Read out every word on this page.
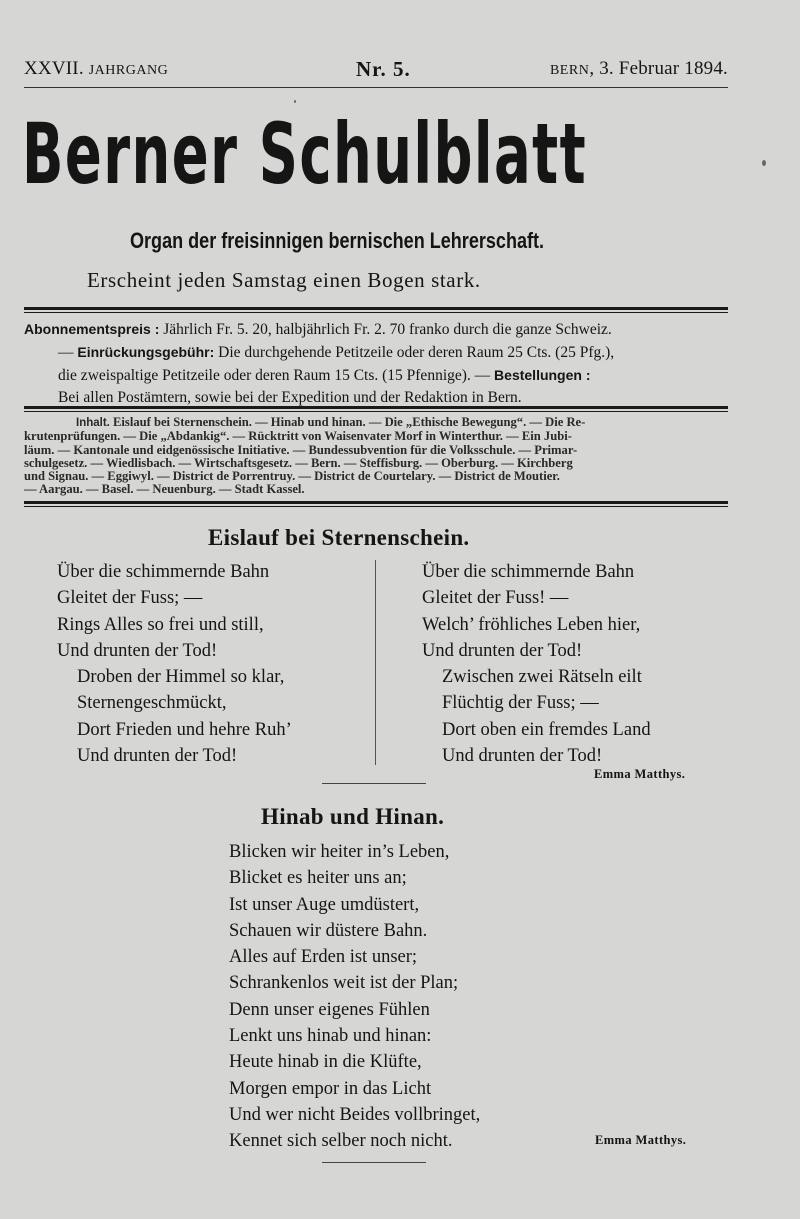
XXVII. JAHRGANG	Nr. 5.	BERN, 3. Februar 1894.
Berner Schulblatt
Organ der freisinnigen bernischen Lehrerschaft.
Erscheint jeden Samstag einen Bogen stark.
Abonnementspreis : Jährlich Fr. 5. 20, halbjährlich Fr. 2. 70 franko durch die ganze Schweiz.
— Einrückungsgebühr: Die durchgehende Petitzeile oder deren Raum 25 Cts. (25 Pfg.),
die zweispaltige Petitzeile oder deren Raum 15 Cts. (15 Pfennige). — Bestellungen :
Bei allen Postämtern, sowie bei der Expedition und der Redaktion in Bern.
Inhalt. Eislauf bei Sternenschein. — Hinab und hinan. — Die „Ethische Bewegung“. — Die Re-
krutenprüfungen. — Die „Abdankig“. — Rücktritt von Waisenvater Morf in Winterthur. — Ein Jubi-
läum. — Kantonale und eidgenössische Initiative. — Bundessubvention für die Volksschule. — Primar-
schulgesetz. — Wiedlisbach. — Wirtschaftsgesetz. — Bern. — Steffisburg. — Oberburg. — Kirchberg
und Signau. — Eggiwyl. — District de Porrentruy. — District de Courtelary. — District de Moutier.
— Aargau. — Basel. — Neuenburg. — Stadt Kassel.
Eislauf bei Sternenschein.
Über die schimmernde Bahn
Gleitet der Fuss; —
Rings Alles so frei und still,
Und drunten der Tod!
Droben der Himmel so klar,
Sternengeschmückt,
Dort Frieden und hehre Ruh’
Und drunten der Tod!
Über die schimmernde Bahn
Gleitet der Fuss! —
Welch’ fröhliches Leben hier,
Und drunten der Tod!
Zwischen zwei Rätseln eilt
Flüchtig der Fuss; —
Dort oben ein fremdes Land
Und drunten der Tod!
Emma Matthys.
Hinab und Hinan.
Blicken wir heiter in’s Leben,
Blicket es heiter uns an;
Ist unser Auge umdüstert,
Schauen wir düstere Bahn.
Alles auf Erden ist unser;
Schrankenlos weit ist der Plan;
Denn unser eigenes Fühlen
Lenkt uns hinab und hinan:
Heute hinab in die Klüfte,
Morgen empor in das Licht
Und wer nicht Beides vollbringet,
Kennet sich selber noch nicht.	Emma Matthys.
